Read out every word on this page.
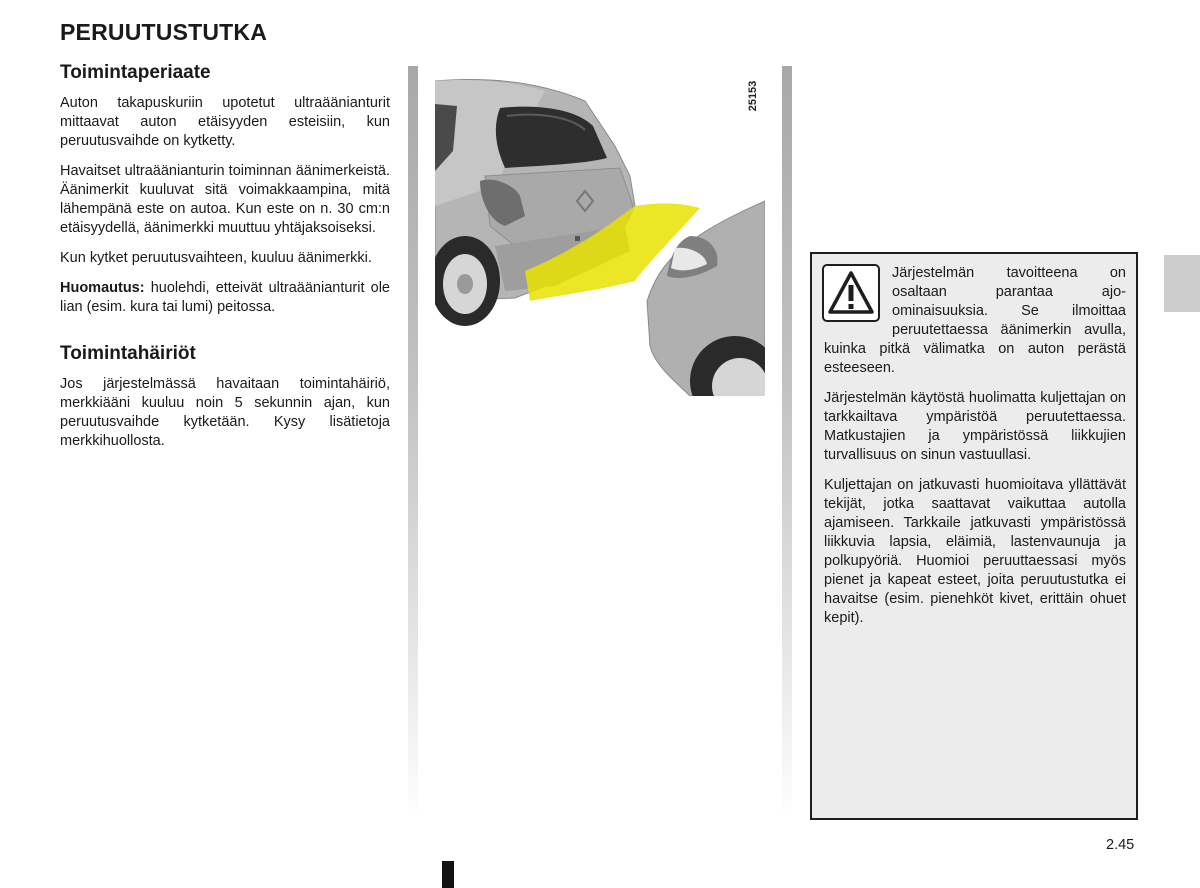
PERUUTUSTUTKA
Toimintaperiaate

Auton takapuskuriin upotetut ultraäänianturit mittaavat auton etäisyyden esteisiin, kun peruutusvaihde on kytketty.

Havaitset ultraäänianturin toiminnan äänimerkeistä. Äänimerkit kuuluvat sitä voimakkaampina, mitä lähempänä este on autoa. Kun este on n. 30 cm:n etäisyydellä, äänimerkki muuttuu yhtäjaksoiseksi.

Kun kytket peruutusvaihteen, kuuluu äänimerkki.

Huomautus: huolehdi, etteivät ultraäänianturit ole lian (esim. kura tai lumi) peitossa.

Toimintahäiriöt

Jos järjestelmässä havaitaan toimintahäiriö, merkkiääni kuuluu noin 5 sekunnin ajan, kun peruutusvaihde kytketään. Kysy lisätietoja merkkihuollosta.

25153

Järjestelmän tavoitteena on osaltaan parantaa ajo-ominaisuuksia. Se ilmoittaa peruutettaessa äänimerkin avulla, kuinka pitkä välimatka on auton perästä esteeseen.

Järjestelmän käytöstä huolimatta kuljettajan on tarkkailtava ympäristöä peruutettaessa. Matkustajien ja ympäristössä liikkujien turvallisuus on sinun vastuullasi.

Kuljettajan on jatkuvasti huomioitava yllättävät tekijät, jotka saattavat vaikuttaa autolla ajamiseen. Tarkkaile jatkuvasti ympäristössä liikkuvia lapsia, eläimiä, lastenvaunuja ja polkupyöriä. Huomioi peruuttaessasi myös pienet ja kapeat esteet, joita peruutustutka ei havaitse (esim. pienehköt kivet, erittäin ohuet kepit).

2.45
